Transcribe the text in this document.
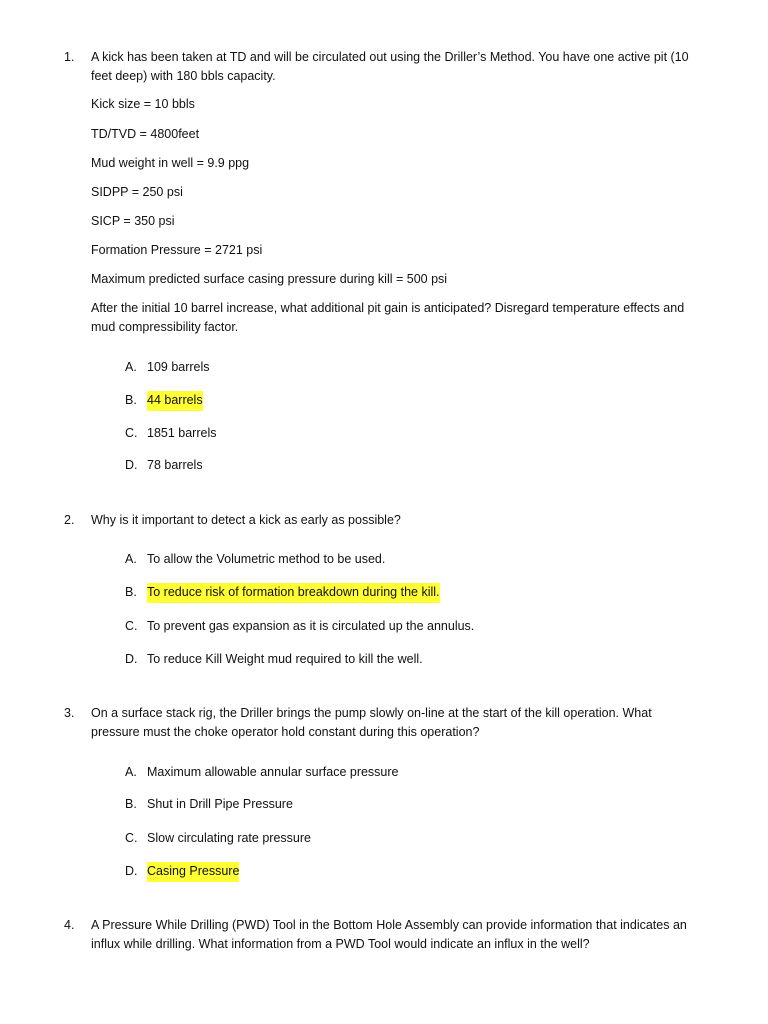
1.	A kick has been taken at TD and will be circulated out using the Driller’s Method. You have one active pit (10
feet deep) with 180 bbls capacity.
Kick size = 10 bbls
TD/TVD = 4800feet
Mud weight in well = 9.9 ppg
SIDPP = 250 psi
SICP = 350 psi
Formation Pressure = 2721 psi
Maximum predicted surface casing pressure during kill = 500 psi
After the initial 10 barrel increase, what additional pit gain is anticipated? Disregard temperature effects and
mud compressibility factor.
A. 109 barrels
B. 44 barrels
C. 1851 barrels
D. 78 barrels
2.	Why is it important to detect a kick as early as possible?
A. To allow the Volumetric method to be used.
B. To reduce risk of formation breakdown during the kill.
C. To prevent gas expansion as it is circulated up the annulus.
D. To reduce Kill Weight mud required to kill the well.
3.	On a surface stack rig, the Driller brings the pump slowly on-line at the start of the kill operation. What
pressure must the choke operator hold constant during this operation?
A. Maximum allowable annular surface pressure
B. Shut in Drill Pipe Pressure
C. Slow circulating rate pressure
D. Casing Pressure
4.	A Pressure While Drilling (PWD) Tool in the Bottom Hole Assembly can provide information that indicates an
influx while drilling. What information from a PWD Tool would indicate an influx in the well?
